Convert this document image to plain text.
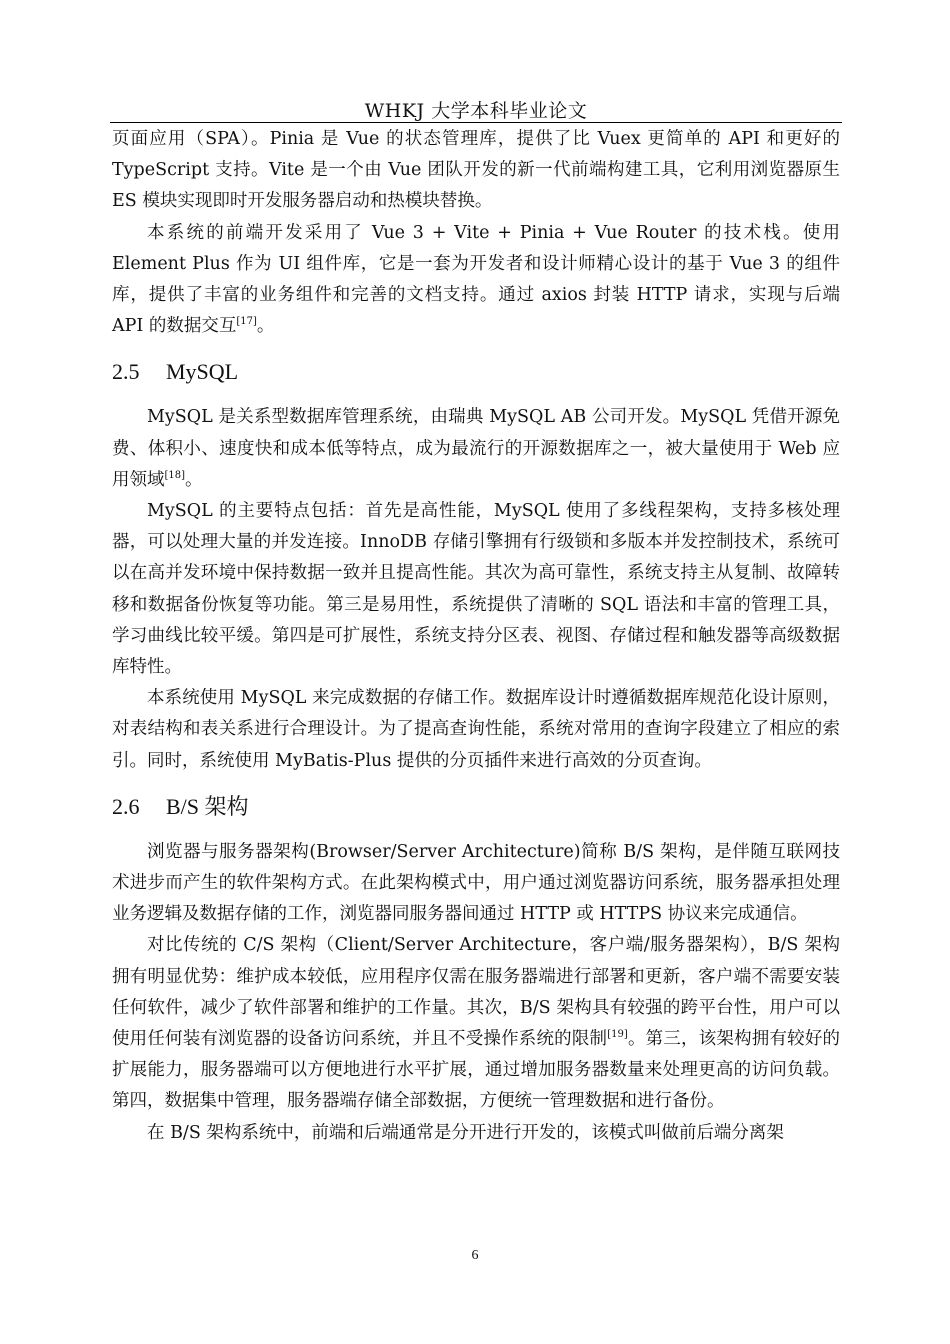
WHKJ 大学本科毕业论文

页面应用（SPA）。Pinia 是 Vue 的状态管理库，提供了比 Vuex 更简单的 API 和更好的 TypeScript 支持。Vite 是一个由 Vue 团队开发的新一代前端构建工具，它利用浏览器原生 ES 模块实现即时开发服务器启动和热模块替换。

本系统的前端开发采用了 Vue 3 + Vite + Pinia + Vue Router 的技术栈。使用 Element Plus 作为 UI 组件库，它是一套为开发者和设计师精心设计的基于 Vue 3 的组件库，提供了丰富的业务组件和完善的文档支持。通过 axios 封装 HTTP 请求，实现与后端 API 的数据交互[17]。

2.5 MySQL

MySQL 是关系型数据库管理系统，由瑞典 MySQL AB 公司开发。MySQL 凭借开源免费、体积小、速度快和成本低等特点，成为最流行的开源数据库之一，被大量使用于 Web 应用领域[18]。

MySQL 的主要特点包括：首先是高性能，MySQL 使用了多线程架构，支持多核处理器，可以处理大量的并发连接。InnoDB 存储引擎拥有行级锁和多版本并发控制技术，系统可以在高并发环境中保持数据一致并且提高性能。其次为高可靠性，系统支持主从复制、故障转移和数据备份恢复等功能。第三是易用性，系统提供了清晰的 SQL 语法和丰富的管理工具，学习曲线比较平缓。第四是可扩展性，系统支持分区表、视图、存储过程和触发器等高级数据库特性。

本系统使用 MySQL 来完成数据的存储工作。数据库设计时遵循数据库规范化设计原则，对表结构和表关系进行合理设计。为了提高查询性能，系统对常用的查询字段建立了相应的索引。同时，系统使用 MyBatis-Plus 提供的分页插件来进行高效的分页查询。

2.6 B/S 架构

浏览器与服务器架构(Browser/Server Architecture)简称 B/S 架构，是伴随互联网技术进步而产生的软件架构方式。在此架构模式中，用户通过浏览器访问系统，服务器承担处理业务逻辑及数据存储的工作，浏览器同服务器间通过 HTTP 或 HTTPS 协议来完成通信。

对比传统的 C/S 架构（Client/Server Architecture，客户端/服务器架构），B/S 架构拥有明显优势：维护成本较低，应用程序仅需在服务器端进行部署和更新，客户端不需要安装任何软件，减少了软件部署和维护的工作量。其次，B/S 架构具有较强的跨平台性，用户可以使用任何装有浏览器的设备访问系统，并且不受操作系统的限制[19]。第三，该架构拥有较好的扩展能力，服务器端可以方便地进行水平扩展，通过增加服务器数量来处理更高的访问负载。第四，数据集中管理，服务器端存储全部数据，方便统一管理数据和进行备份。

在 B/S 架构系统中，前端和后端通常是分开进行开发的，该模式叫做前后端分离架

6
